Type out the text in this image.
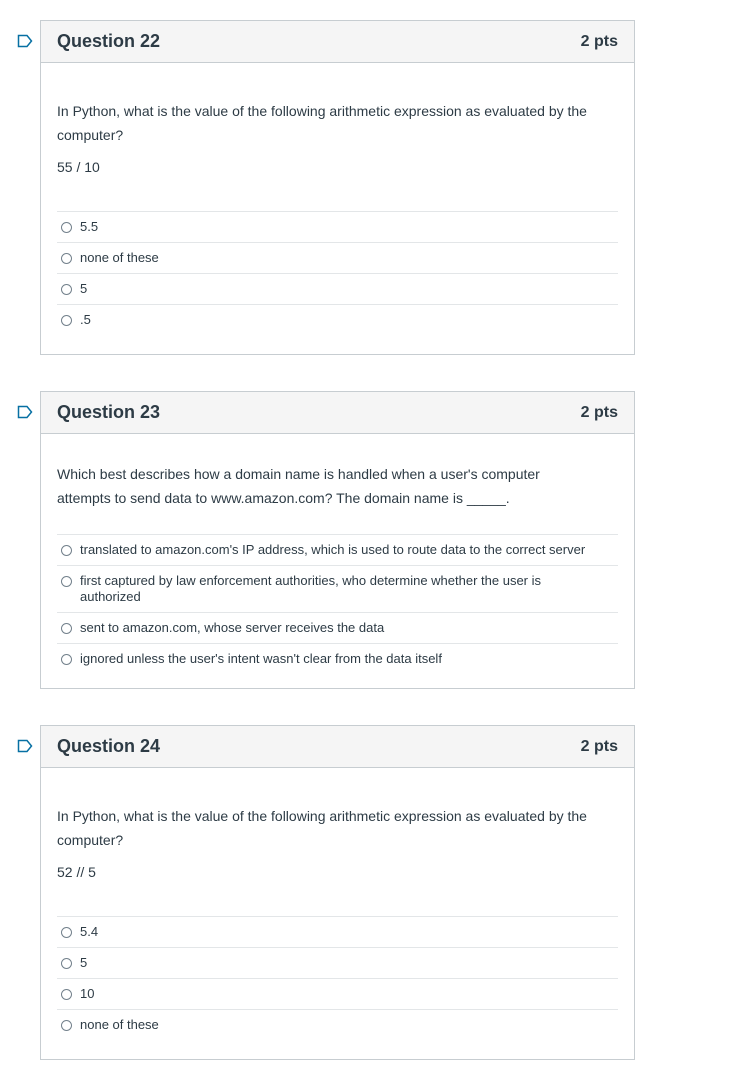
Question 22	2 pts

In Python, what is the value of the following arithmetic expression as evaluated by the computer?

55 / 10

5.5
none of these
5
.5
Question 23	2 pts

Which best describes how a domain name is handled when a user's computer attempts to send data to www.amazon.com? The domain name is _____.

translated to amazon.com's IP address, which is used to route data to the correct server
first captured by law enforcement authorities, who determine whether the user is authorized
sent to amazon.com, whose server receives the data
ignored unless the user's intent wasn't clear from the data itself
Question 24	2 pts

In Python, what is the value of the following arithmetic expression as evaluated by the computer?

52 // 5

5.4
5
10
none of these
